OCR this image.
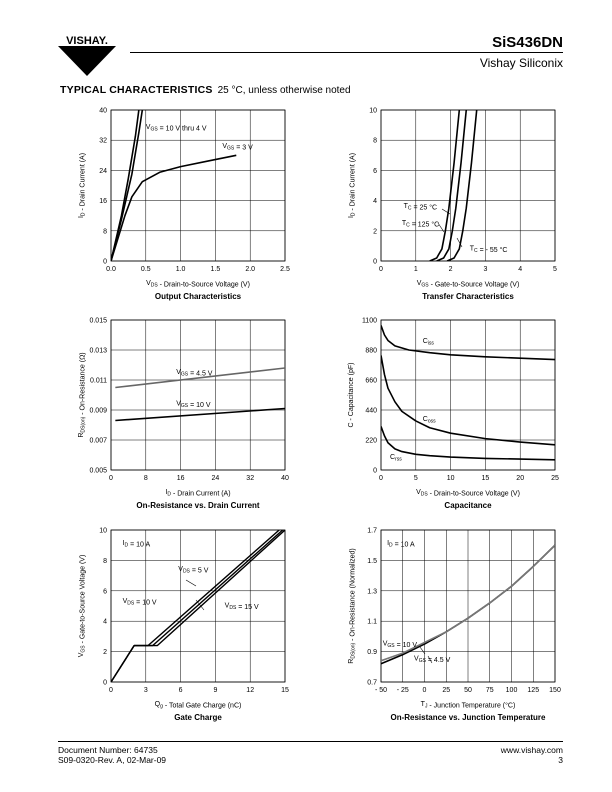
VISHAY.	SiS436DN
Vishay Siliconix
TYPICAL CHARACTERISTICS 25 °C, unless otherwise noted
0.0	0.5	1.0	1.5	2.0	2.5
0
8
16
24
32
40
$V_{GS} = 10$ V thru 4 V
$V_{GS} = 3$ V
$V_{DS}$ - Drain-to-Source Voltage (V)
$I_D$ - Drain Current (A)
Output Characteristics
0	1	2	3	4	5
0
2
4
6
8
10
$T_C = 25$ °C
$T_C = 125$ °C
$T_C$ = - 55 °C
$V_{GS}$ - Gate-to-Source Voltage (V)
$I_D$ - Drain Current (A)
Transfer Characteristics
0	8	16	24	32	40
0.005
0.007
0.009
0.011
0.013
0.015
$V_{GS} = 4.5$ V
$V_{GS} = 10$ V
$I_D$ - Drain Current (A)
$R_{DS(on)}$ - On-Resistance (Ω)
On-Resistance vs. Drain Current
0	5	10	15	20	25
0
220
440
660
880
1100
$C_{iss}$
$C_{oss}$
$C_{rss}$
$V_{DS}$ - Drain-to-Source Voltage (V)
C - Capacitance (pF)
Capacitance
0	3	6	9	12	15
0
2
4
6
8
10
$I_D = 10$ A
$V_{DS} = 5$ V
$V_{DS} = 10$ V	$V_{DS} = 15$ V
$Q_g$ - Total Gate Charge (nC)
$V_{GS}$ - Gate-to-Source Voltage (V)
Gate Charge
- 50 - 25 0 25 50 75 100 125 150
0.7
0.9
1.1
1.3
1.5
1.7
$I_D = 10$ A
$V_{GS} = 10$ V
$V_{GS} = 4.5$ V
$T_J$ - Junction Temperature (°C)
$R_{DS(on)}$ - On-Resistance (Normalized)
On-Resistance vs. Junction Temperature
Document Number: 64735
S09-0320-Rev. A, 02-Mar-09
www.vishay.com
3
